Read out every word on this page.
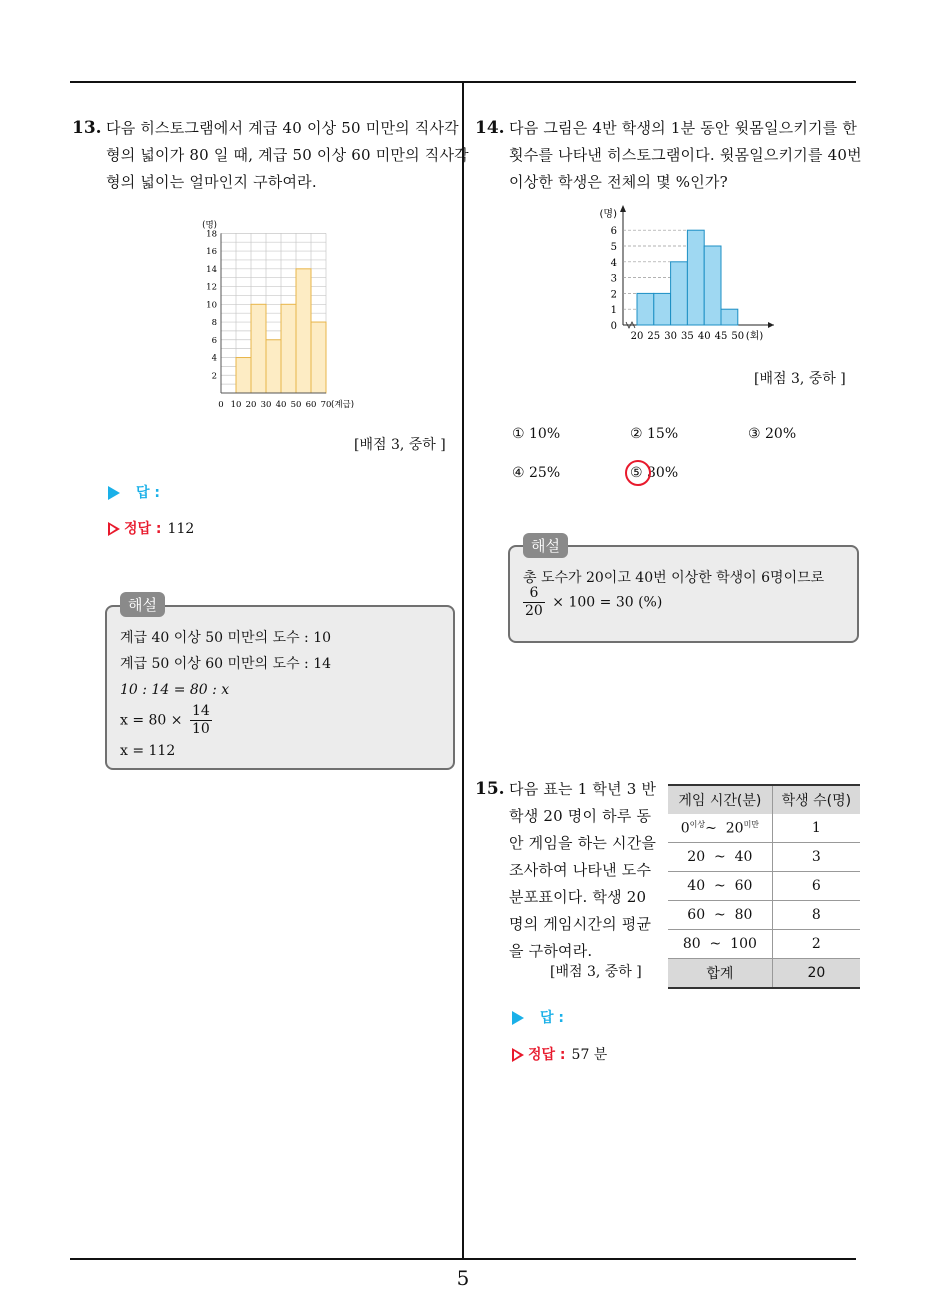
13. 다음 히스토그램에서 계급 40 이상 50 미만의 직사각
형의 넓이가 80 일 때, 계급 50 이상 60 미만의 직사각
형의 넓이는 얼마인지 구하여라.
2
4
6
8
10
12
14
16
18
(명)
0 10 20 30 40 50 60 70 (계급)
[배점 3, 중하 ]
답 :
정답 : 112
계급 40 이상 50 미만의 도수 : 10
계급 50 이상 60 미만의 도수 : 14
10 : 14 = 80 : x
$x = 80 \times \frac{14}{10}$
x = 112
해설
14. 다음 그림은 4반 학생의 1분 동안 윗몸일으키기를 한
횟수를 나타낸 히스토그램이다. 윗몸일으키기를 40번
이상한 학생은 전체의 몇 %인가?
0
1
2
3
4
5
6
(명)
20 25 30 35 40 45 50 (회)
[배점 3, 중하 ]
① 10%	② 15%	③ 20%
④ 25%	⑤ 30%
총 도수가 20이고 40번 이상한 학생이 6명이므로
$\frac{6}{20} \times 100 = 30$ (%)
해설
15. 다음 표는 1 학년 3 반
학생 20 명이 하루 동
안 게임을 하는 시간을
조사하여 나타낸 도수
분포표이다. 학생 20
명의 게임시간의 평균
을 구하여라.
[배점 3, 중하 ]
게임 시간(분)	학생 수(명)
$0^{이상}\sim$  $20^{미만}$	1
20  ~  40	3
40  ~  60	6
60  ~  80	8
80  ~  100	2
합계	20
답 :
정답 : 57 분
5
